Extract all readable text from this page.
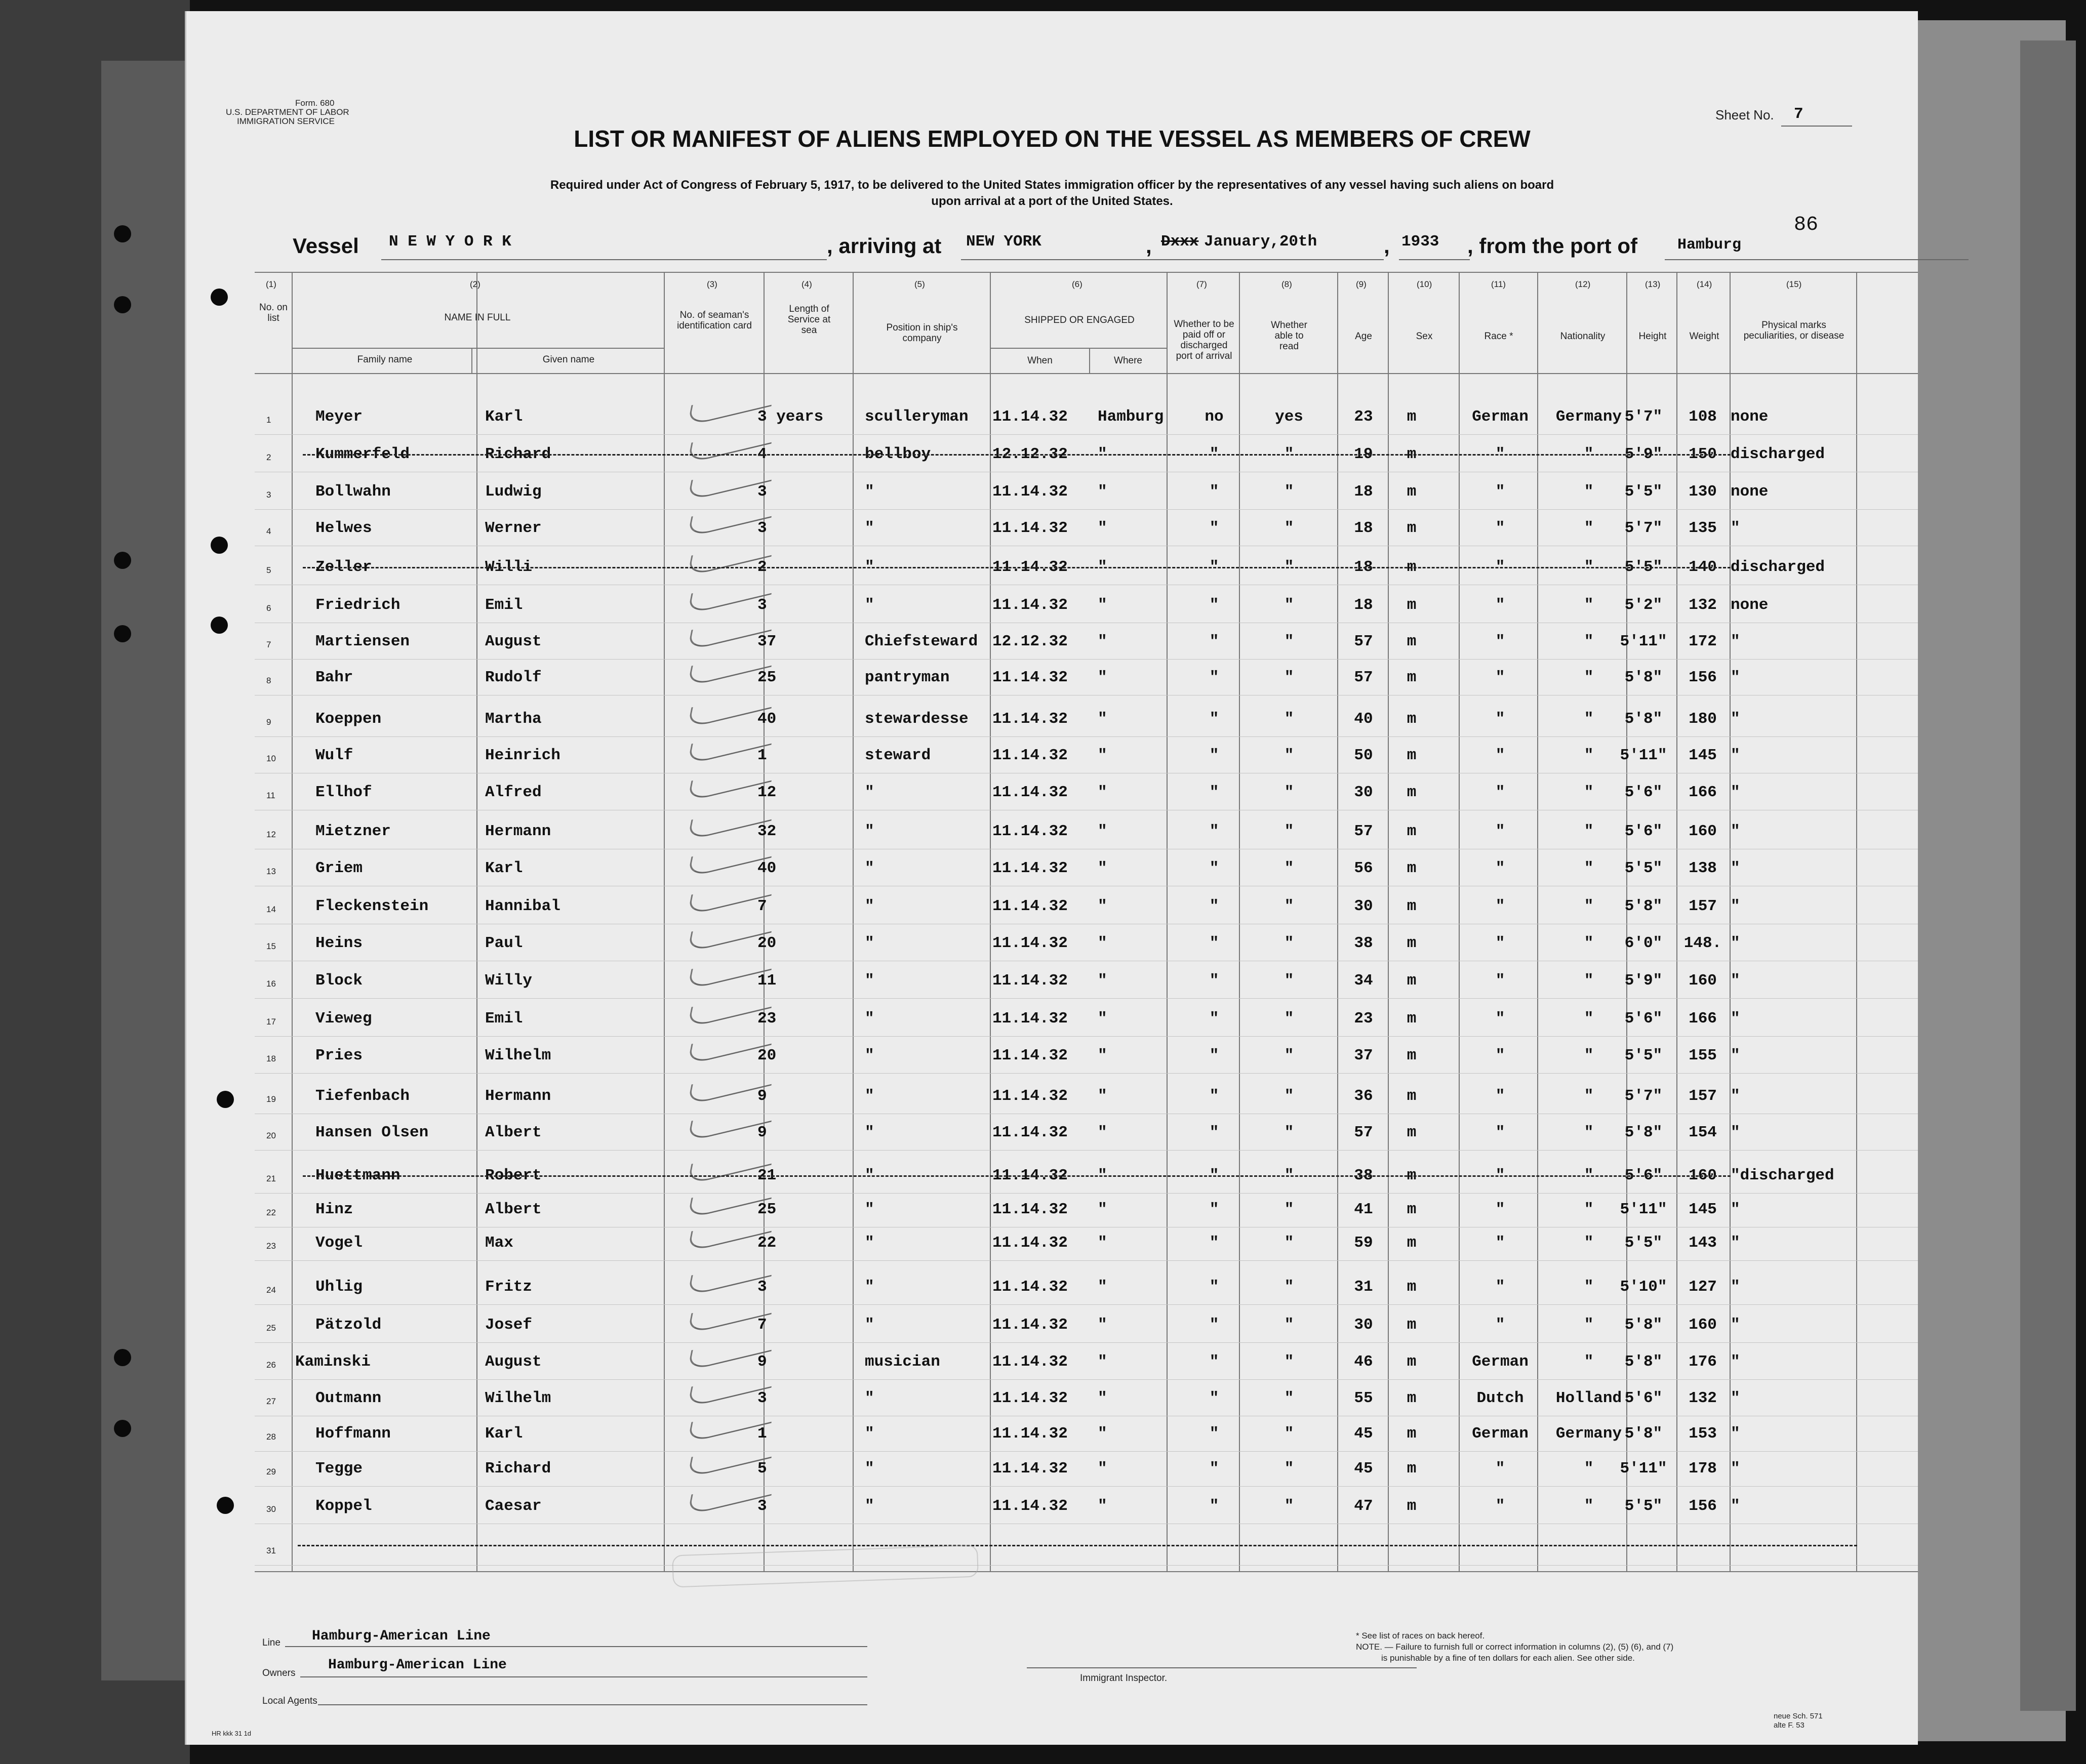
Form. 680
U.S. DEPARTMENT OF LABOR
IMMIGRATION SERVICE	Sheet No. 7
86
LIST OR MANIFEST OF ALIENS EMPLOYED ON THE VESSEL AS MEMBERS OF CREW
Required under Act of Congress of February 5, 1917, to be delivered to the United States immigration officer by the representatives of any vessel having such aliens on board
upon arrival at a port of the United States.
Vessel N E W Y O R K	, arriving at NEW YORK	, Dxxx January,20th	, 1933 , from the port of	Hamburg
(1)	(2)	(3)	(4)	(5)	(6)	(7)	(8)	(9)	(10)	(11)	(12)	(13)	(14)	(15)
No. on list	NAME IN FULL
Family name	Given name
No. of seaman's identification card
Length of Service at sea	Position in ship's company
SHIPPED OR ENGAGED
When	Where
Whether to be paid off or discharged port of arrival
Whether able to read
Age	Sex	Race *	Nationality	Height	Weight
Physical marks peculiarities, or disease
1	Meyer	Karl	3 years	sculleryman 11.14.32 Hamburg	no	yes	23	m	German	Germany 5'7"	108 none
2	Kummerfeld	Richard	4	bellboy	12.12.32 "	"	"	19	m	"	"	5'9"	150 discharged
3	Bollwahn	Ludwig	3	"	11.14.32 "	"	"	18	m	"	"	5'5"	130 none
4	Helwes	Werner	3	"	11.14.32 "	"	"	18	m	"	"	5'7"	135 "
5	Zeller	Willi	2	"	11.14.32 "	"	"	18	m	"	"	5'5"	140 discharged
6	Friedrich	Emil	3	"	11.14.32 "	"	"	18	m	"	"	5'2"	132 none
7	Martiensen	August	37	Chiefsteward 12.12.32 "	"	"	57	m	"	"	5'11"	172 "
8	Bahr	Rudolf	25	pantryman	11.14.32 "	"	"	57	m	"	"	5'8"	156 "
9	Koeppen	Martha	40	stewardesse 11.14.32 "	"	"	40	m	"	"	5'8"	180 "
10	Wulf	Heinrich	1	steward	11.14.32 "	"	"	50	m	"	"	5'11"	145 "
11	Ellhof	Alfred	12	"	11.14.32 "	"	"	30	m	"	"	5'6"	166 "
12	Mietzner	Hermann	32	"	11.14.32 "	"	"	57	m	"	"	5'6"	160 "
13	Griem	Karl	40	"	11.14.32 "	"	"	56	m	"	"	5'5"	138 "
14	Fleckenstein	Hannibal	7	"	11.14.32 "	"	"	30	m	"	"	5'8"	157 "
15	Heins	Paul	20	"	11.14.32 "	"	"	38	m	"	"	6'0"	148. "
16	Block	Willy	11	"	11.14.32 "	"	"	34	m	"	"	5'9"	160 "
17	Vieweg	Emil	23	"	11.14.32 "	"	"	23	m	"	"	5'6"	166 "
18	Pries	Wilhelm	20	"	11.14.32 "	"	"	37	m	"	"	5'5"	155 "
19	Tiefenbach	Hermann	9	"	11.14.32 "	"	"	36	m	"	"	5'7"	157 "
20	Hansen Olsen	Albert	9	"	11.14.32 "	"	"	57	m	"	"	5'8"	154 "
21	Huettmann	Robert	21	"	11.14.32 "	"	"	38	m	"	"	5'6"	160 "discharged
22	Hinz	Albert	25	"	11.14.32 "	"	"	41	m	"	"	5'11"	145 "
23	Vogel	Max	22	"	11.14.32 "	"	"	59	m	"	"	5'5"	143 "
24	Uhlig	Fritz	3	"	11.14.32 "	"	"	31	m	"	"	5'10"	127 "
25	Pätzold	Josef	7	"	11.14.32 "	"	"	30	m	"	"	5'8"	160 "
26 Kaminski	August	9	musician	11.14.32 "	"	"	46	m	German	"	5'8"	176 "
27	Outmann	Wilhelm	3	"	11.14.32 "	"	"	55	m	Dutch	Holland 5'6"	132 "
28	Hoffmann	Karl	1	"	11.14.32 "	"	"	45	m	German	Germany 5'8"	153 "
29	Tegge	Richard	5	"	11.14.32 "	"	"	45	m	"	"	5'11"	178 "
30	Koppel	Caesar	3	"	11.14.32 "	"	"	47	m	"	"	5'5"	156 "
31
Line Hamburg-American Line
Owners
Hamburg-American Line
Local Agents
Immigrant Inspector.
* See list of races on back hereof.
NOTE. — Failure to furnish full or correct information in columns (2), (5) (6), and (7)
is punishable by a fine of ten dollars for each alien. See other side.
HR kkk 31 1d
neue Sch. 571
alte F. 53
